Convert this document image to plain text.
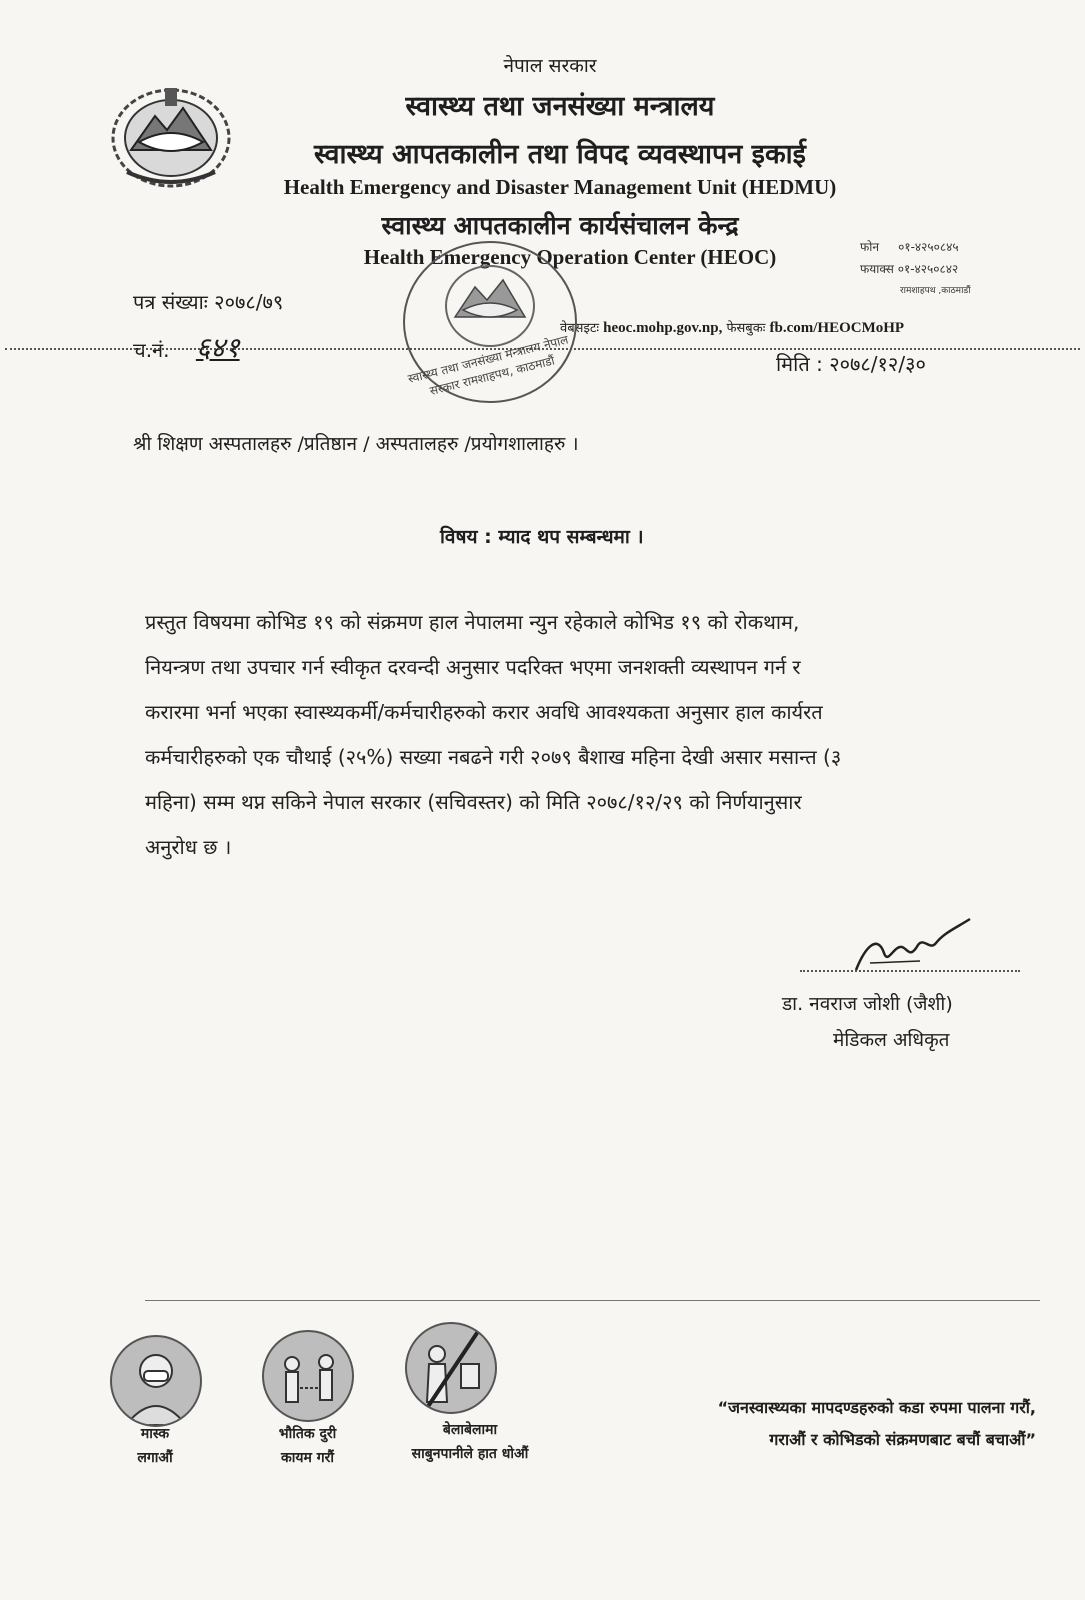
नेपाल सरकार
स्वास्थ्य तथा जनसंख्या मन्त्रालय
स्वास्थ्य आपतकालीन तथा विपद व्यवस्थापन इकाई
Health Emergency and Disaster Management Unit (HEDMU)
स्वास्थ्य आपतकालीन कार्यसंचालन केन्द्र
Health Emergency Operation Center (HEOC)	फोन ०१-४२५०८४५
फयाक्स ०१-४२५०८४२
रामशाहपथ ,काठमाडौं
पत्र संख्याः २०७८/७९
च.नं. ६४१
वेबसइटः heoc.mohp.gov.np, फेसबुकः fb.com/HEOCMoHP
स्वास्थ्य तथा जनसंख्या मन्त्रालय नेपाल सरकार रामशाहपथ, काठमाडौं	मिति : २०७८/१२/३०
श्री शिक्षण अस्पतालहरु /प्रतिष्ठान / अस्पतालहरु /प्रयोगशालाहरु ।
विषय : म्याद थप सम्बन्धमा ।
प्रस्तुत विषयमा कोभिड १९ को संक्रमण हाल नेपालमा न्युन रहेकाले कोभिड १९ को रोकथाम,
नियन्त्रण तथा उपचार गर्न स्वीकृत दरवन्दी अनुसार पदरिक्त भएमा जनशक्ती व्यस्थापन गर्न र
करारमा भर्ना भएका स्वास्थ्यकर्मी/कर्मचारीहरुको करार अवधि आवश्यकता अनुसार हाल कार्यरत
कर्मचारीहरुको एक चौथाई (२५%) सख्या नबढने गरी २०७९ बैशाख महिना देखी असार मसान्त (३
महिना) सम्म थप्न सकिने नेपाल सरकार (सचिवस्तर) को मिति २०७८/१२/२९ को निर्णयानुसार
अनुरोध छ ।
डा. नवराज जोशी (जैशी)
मेडिकल अधिकृत
मास्क
लगाऔं
भौतिक दुरी
कायम गरौं
बेलाबेलामा
साबुनपानीले हात धोऔं
“जनस्वास्थ्यका मापदण्डहरुको कडा रुपमा पालना गरौं,
गराऔं र कोभिडको संक्रमणबाट बचौं बचाऔं”
